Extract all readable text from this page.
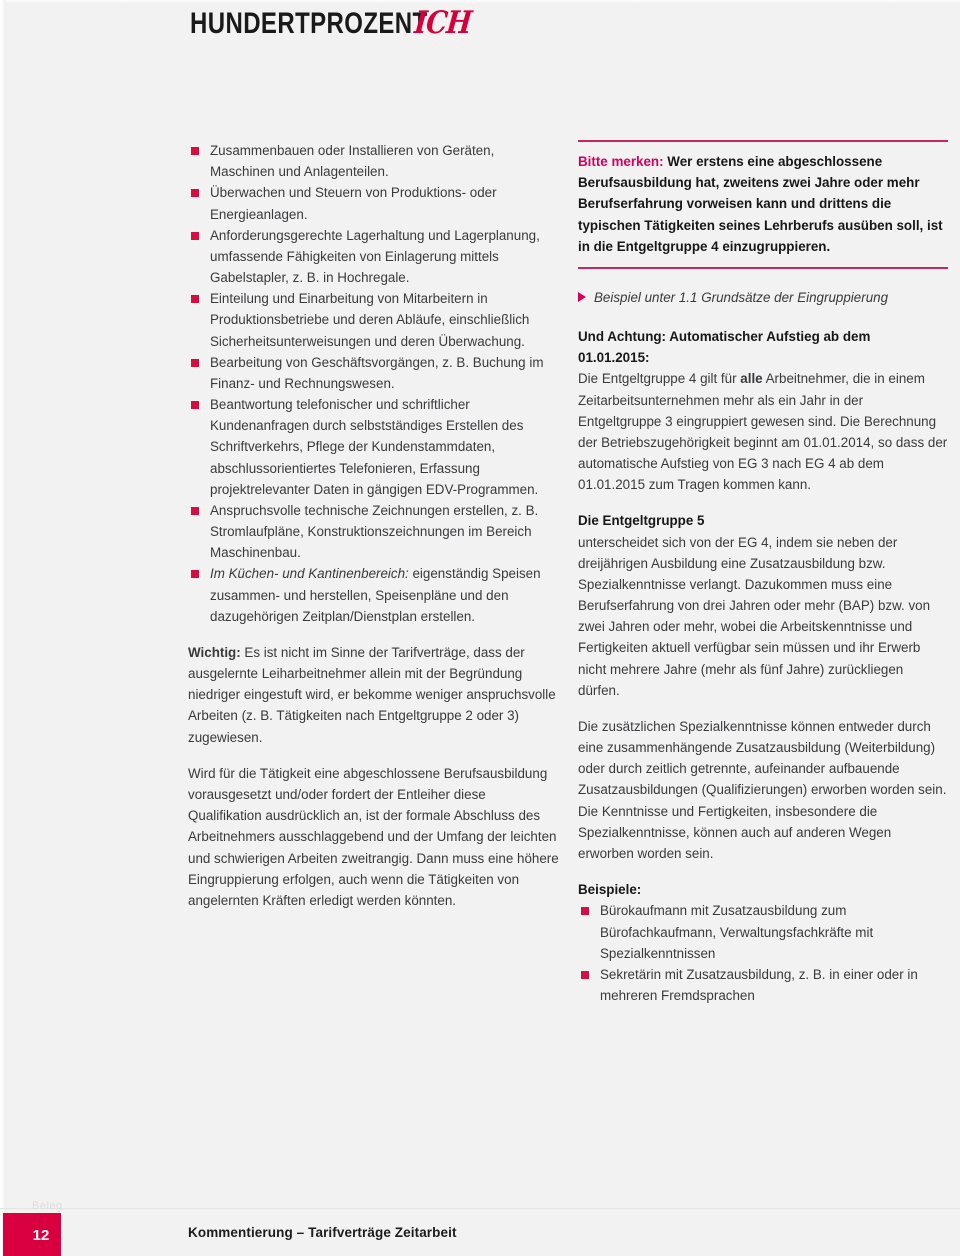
HUNDERTPROZENT
ICH
Zusammenbauen oder Installieren von Geräten, Maschinen und Anlagenteilen.
Überwachen und Steuern von Produktions- oder Energieanlagen.
Anforderungsgerechte Lagerhaltung und Lagerplanung, umfassende Fähigkeiten von Einlagerung mittels Gabelstapler, z. B. in Hochregale.
Einteilung und Einarbeitung von Mitarbeitern in Produktionsbetriebe und deren Abläufe, einschließlich Sicherheitsunterweisungen und deren Überwachung.
Bearbeitung von Geschäftsvorgängen, z. B. Buchung im Finanz- und Rechnungswesen.
Beantwortung telefonischer und schriftlicher Kundenanfragen durch selbstständiges Erstellen des Schriftverkehrs, Pflege der Kundenstammdaten, abschlussorientiertes Telefonieren, Erfassung projektrelevanter Daten in gängigen EDV-Programmen.
Anspruchsvolle technische Zeichnungen erstellen, z. B. Stromlaufpläne, Konstruktionszeichnungen im Bereich Maschinenbau.
Im Küchen- und Kantinenbereich: eigenständig Speisen zusammen- und herstellen, Speisenpläne und den dazugehörigen Zeitplan/Dienstplan erstellen.

Wichtig: Es ist nicht im Sinne der Tarifverträge, dass der ausgelernte Leiharbeitnehmer allein mit der Begründung niedriger eingestuft wird, er bekomme weniger anspruchsvolle Arbeiten (z. B. Tätigkeiten nach Entgeltgruppe 2 oder 3) zugewiesen.

Wird für die Tätigkeit eine abgeschlossene Berufsausbildung vorausgesetzt und/oder fordert der Entleiher diese Qualifikation ausdrücklich an, ist der formale Abschluss des Arbeitnehmers ausschlaggebend und der Umfang der leichten und schwierigen Arbeiten zweitrangig. Dann muss eine höhere Eingruppierung erfolgen, auch wenn die Tätigkeiten von angelernten Kräften erledigt werden könnten.

Bitte merken: Wer erstens eine abgeschlossene Berufsausbildung hat, zweitens zwei Jahre oder mehr Berufserfahrung vorweisen kann und drittens die typischen Tätigkeiten seines Lehrberufs ausüben soll, ist in die Entgeltgruppe 4 einzugruppieren.
Beispiel unter 1.1 Grundsätze der Eingruppierung
Und Achtung: Automatischer Aufstieg ab dem
01.01.2015:

Die Entgeltgruppe 4 gilt für alle Arbeitnehmer, die in einem Zeitarbeitsunternehmen mehr als ein Jahr in der Entgeltgruppe 3 eingruppiert gewesen sind. Die Berechnung der Betriebszugehörigkeit beginnt am 01.01.2014, so dass der automatische Aufstieg von EG 3 nach EG 4 ab dem 01.01.2015 zum Tragen kommen kann.

Die Entgeltgruppe 5

unterscheidet sich von der EG 4, indem sie neben der dreijährigen Ausbildung eine Zusatzausbildung bzw. Spezialkenntnisse verlangt. Dazukommen muss eine Berufserfahrung von drei Jahren oder mehr (BAP) bzw. von zwei Jahren oder mehr, wobei die Arbeitskenntnisse und Fertigkeiten aktuell verfügbar sein müssen und ihr Erwerb nicht mehrere Jahre (mehr als fünf Jahre) zurückliegen dürfen.

Die zusätzlichen Spezialkenntnisse können entweder durch eine zusammenhängende Zusatzausbildung (Weiterbildung) oder durch zeitlich getrennte, aufeinander aufbauende Zusatzausbildungen (Qualifizierungen) erworben worden sein. Die Kenntnisse und Fertigkeiten, insbesondere die Spezialkenntnisse, können auch auf anderen Wegen erworben worden sein.

Beispiele:
Bürokaufmann mit Zusatzausbildung zum Bürofachkaufmann, Verwaltungsfachkräfte mit Spezialkenntnissen
Sekretärin mit Zusatzausbildung, z. B. in einer oder in mehreren Fremdsprachen
Beleg
12	Kommentierung – Tarifverträge Zeitarbeit
